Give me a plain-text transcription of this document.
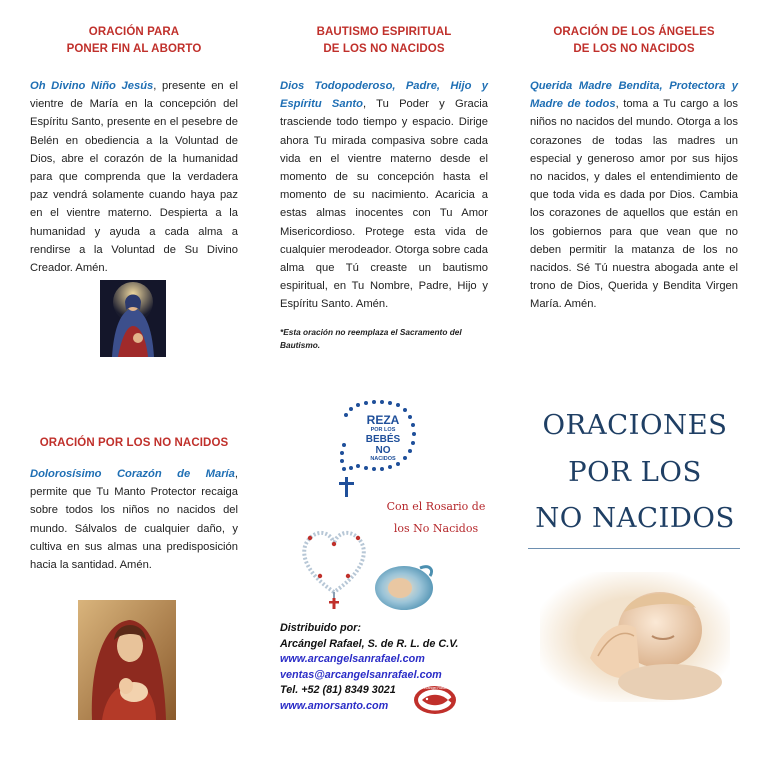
ORACIÓN PARA
PONER FIN AL ABORTO
Oh Divino Niño Jesús, presente en el vientre de María en la concepción del Espíritu Santo, presente en el pesebre de Belén en obediencia a la Voluntad de Dios, abre el corazón de la humanidad para que comprenda que la verdadera paz vendrá solamente cuando haya paz en el vientre materno. Despierta a la humanidad y ayuda a cada alma a rendirse a la Voluntad de Su Divino Creador. Amén.
BAUTISMO ESPIRITUAL
DE LOS NO NACIDOS
Dios Todopoderoso, Padre, Hijo y Espíritu Santo, Tu Poder y Gracia trasciende todo tiempo y espacio. Dirige ahora Tu mirada compasiva sobre cada vida en el vientre materno desde el momento de su concepción hasta el momento de su nacimiento. Acaricia a estas almas inocentes con Tu Amor Misericordioso. Protege esta vida de cualquier merodeador. Otorga sobre cada alma que Tú creaste un bautismo espiritual, en Tu Nombre, Padre, Hijo y Espíritu Santo. Amén.
*Esta oración no reemplaza el Sacramento del Bautismo.
ORACIÓN DE LOS ÁNGELES
DE LOS NO NACIDOS
Querida Madre Bendita, Protectora y Madre de todos, toma a Tu cargo a los niños no nacidos del mundo. Otorga a los corazones de todas las madres un especial y generoso amor por sus hijos no nacidos, y dales el entendimiento de que toda vida es dada por Dios. Cambia los corazones de aquellos que están en los gobiernos para que vean que no deben permitir la matanza de los no nacidos. Sé Tú nuestra abogada ante el trono de Dios, Querida y Bendita Virgen María. Amén.
ORACIÓN POR LOS NO NACIDOS
Dolorosísimo Corazón de María, permite que Tu Manto Protector recaiga sobre todos los niños no nacidos del mundo. Sálvalos de cualquier daño, y cultiva en sus almas una predisposición hacia la santidad. Amén.
REZA
POR LOS
BEBÉS
NO
NACIDOS
Con el Rosario de
los No Nacidos
Distribuido por:
Arcángel Rafael, S. de R. L. de C.V.
www.arcangelsanrafael.com
ventas@arcangelsanrafael.com
Tel. +52 (81) 8349 3021
www.amorsanto.com
Arcángel Rafael
ORACIONES
POR LOS
NO NACIDOS
